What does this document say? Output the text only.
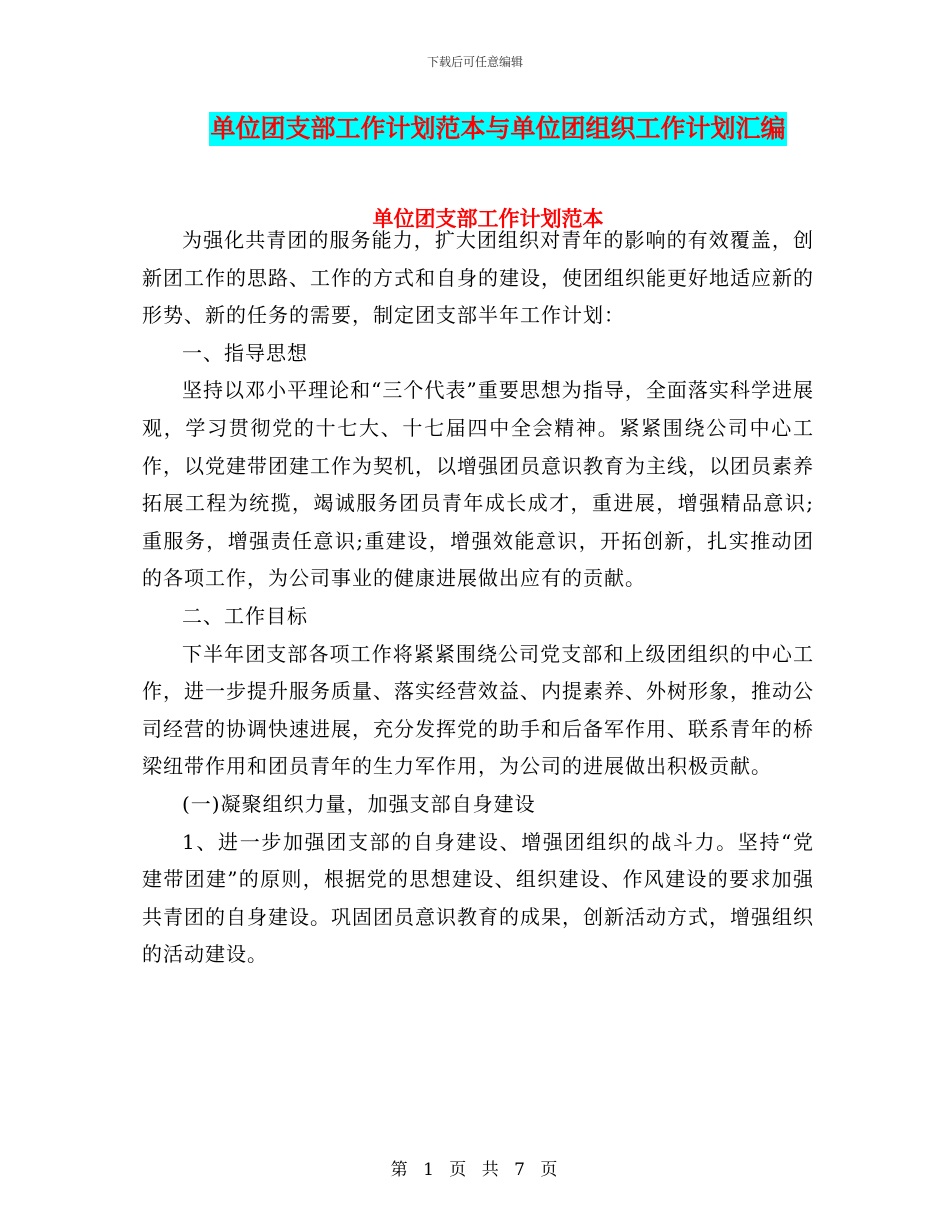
下载后可任意编辑
单位团支部工作计划范本与单位团组织工作计划汇编
单位团支部工作计划范本

为强化共青团的服务能力，扩大团组织对青年的影响的有效覆盖，创新团工作的思路、工作的方式和自身的建设，使团组织能更好地适应新的形势、新的任务的需要，制定团支部半年工作计划：

一、指导思想

坚持以邓小平理论和“三个代表”重要思想为指导，全面落实科学进展观，学习贯彻党的十七大、十七届四中全会精神。紧紧围绕公司中心工作，以党建带团建工作为契机，以增强团员意识教育为主线，以团员素养拓展工程为统揽，竭诚服务团员青年成长成才，重进展，增强精品意识;重服务，增强责任意识;重建设，增强效能意识，开拓创新，扎实推动团的各项工作，为公司事业的健康进展做出应有的贡献。

二、工作目标

下半年团支部各项工作将紧紧围绕公司党支部和上级团组织的中心工作，进一步提升服务质量、落实经营效益、内提素养、外树形象，推动公司经营的协调快速进展，充分发挥党的助手和后备军作用、联系青年的桥梁纽带作用和团员青年的生力军作用，为公司的进展做出积极贡献。

(一)凝聚组织力量，加强支部自身建设

1、进一步加强团支部的自身建设、增强团组织的战斗力。坚持“党建带团建”的原则，根据党的思想建设、组织建设、作风建设的要求加强共青团的自身建设。巩固团员意识教育的成果，创新活动方式，增强组织的活动建设。

第 1 页 共 7 页
